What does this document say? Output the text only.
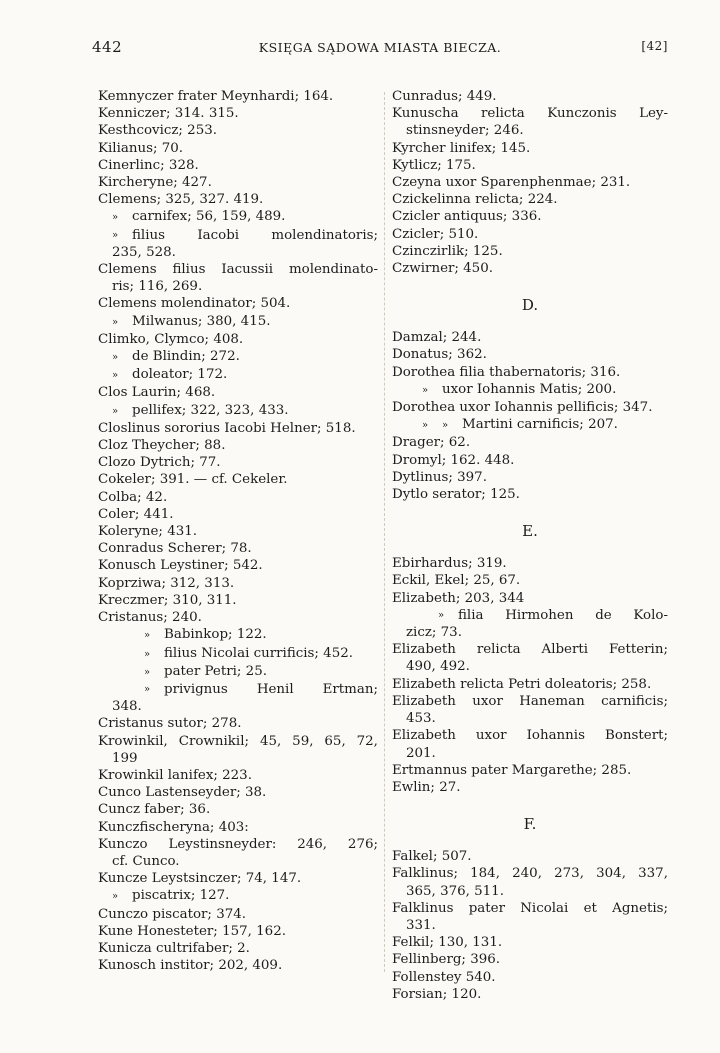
442	KSIĘGA SĄDOWA MIASTA BIECZA.	[42]
Kemnyczer frater Meynhardi; 164.
Kenniczer; 314. 315.
Kesthcovicz; 253.
Kilianus; 70.
Cinerlinc; 328.
Kircheryne; 427.
Clemens; 325, 327. 419.
» carnifex; 56, 159, 489.
»	filius Iacobi molendinatoris;
235, 528.
Clemens filius Iacussii molendinato-
ris; 116, 269.
Clemens molendinator; 504.
» Milwanus; 380, 415.
Climko, Clymco; 408.
» de Blindin; 272.
» doleator; 172.
Clos Laurin; 468.
» pellifex; 322, 323, 433.
Closlinus sororius Iacobi Helner; 518.
Cloz Theycher; 88.
Clozo Dytrich; 77.
Cokeler; 391. — cf. Cekeler.
Colba; 42.
Coler; 441.
Koleryne; 431.
Conradus Scherer; 78.
Konusch Leystiner; 542.
Koprziwa; 312, 313.
Kreczmer; 310, 311.
Cristanus; 240.
» Babinkop; 122.
» filius Nicolai currificis; 452.
» pater Petri; 25.
»	privignus Henil Ertman;
348.
Cristanus sutor; 278.
Krowinkil, Crownikil; 45, 59, 65, 72,
199
Krowinkil lanifex; 223.
Cunco Lastenseyder; 38.
Cuncz faber; 36.
Kunczfischeryna; 403:
Kunczo Leystinsneyder: 246, 276;
cf. Cunco.
Kuncze Leystsinczer; 74, 147.
» piscatrix; 127.
Cunczo piscator; 374.
Kune Honesteter; 157, 162.
Kunicza cultrifaber; 2.
Kunosch institor; 202, 409.
Cunradus; 449.
Kunuscha relicta Kunczonis Ley-
stinsneyder; 246.
Kyrcher linifex; 145.
Kytlicz; 175.
Czeyna uxor Sparenphenmae; 231.
Czickelinna relicta; 224.
Czicler antiquus; 336.
Czicler; 510.
Czinczirlik; 125.
Czwirner; 450.
D.
Damzal; 244.
Donatus; 362.
Dorothea filia thabernatoris; 316.
» uxor Iohannis Matis; 200.
Dorothea uxor Iohannis pellificis; 347.
» » Martini carnificis; 207.
Drager; 62.
Dromyl; 162. 448.
Dytlinus; 397.
Dytlo serator; 125.
E.
Ebirhardus; 319.
Eckil, Ekel; 25, 67.
Elizabeth; 203, 344
»	filia Hirmohen de Kolo-
zicz; 73.
Elizabeth relicta Alberti Fetterin;
490, 492.
Elizabeth relicta Petri doleatoris; 258.
Elizabeth uxor Haneman carnificis;
453.
Elizabeth uxor Iohannis Bonstert;
201.
Ertmannus pater Margarethe; 285.
Ewlin; 27.
F.
Falkel; 507.
Falklinus; 184, 240, 273, 304, 337,
365, 376, 511.
Falklinus pater Nicolai et Agnetis;
331.
Felkil; 130, 131.
Fellinberg; 396.
Follenstey 540.
Forsian; 120.
